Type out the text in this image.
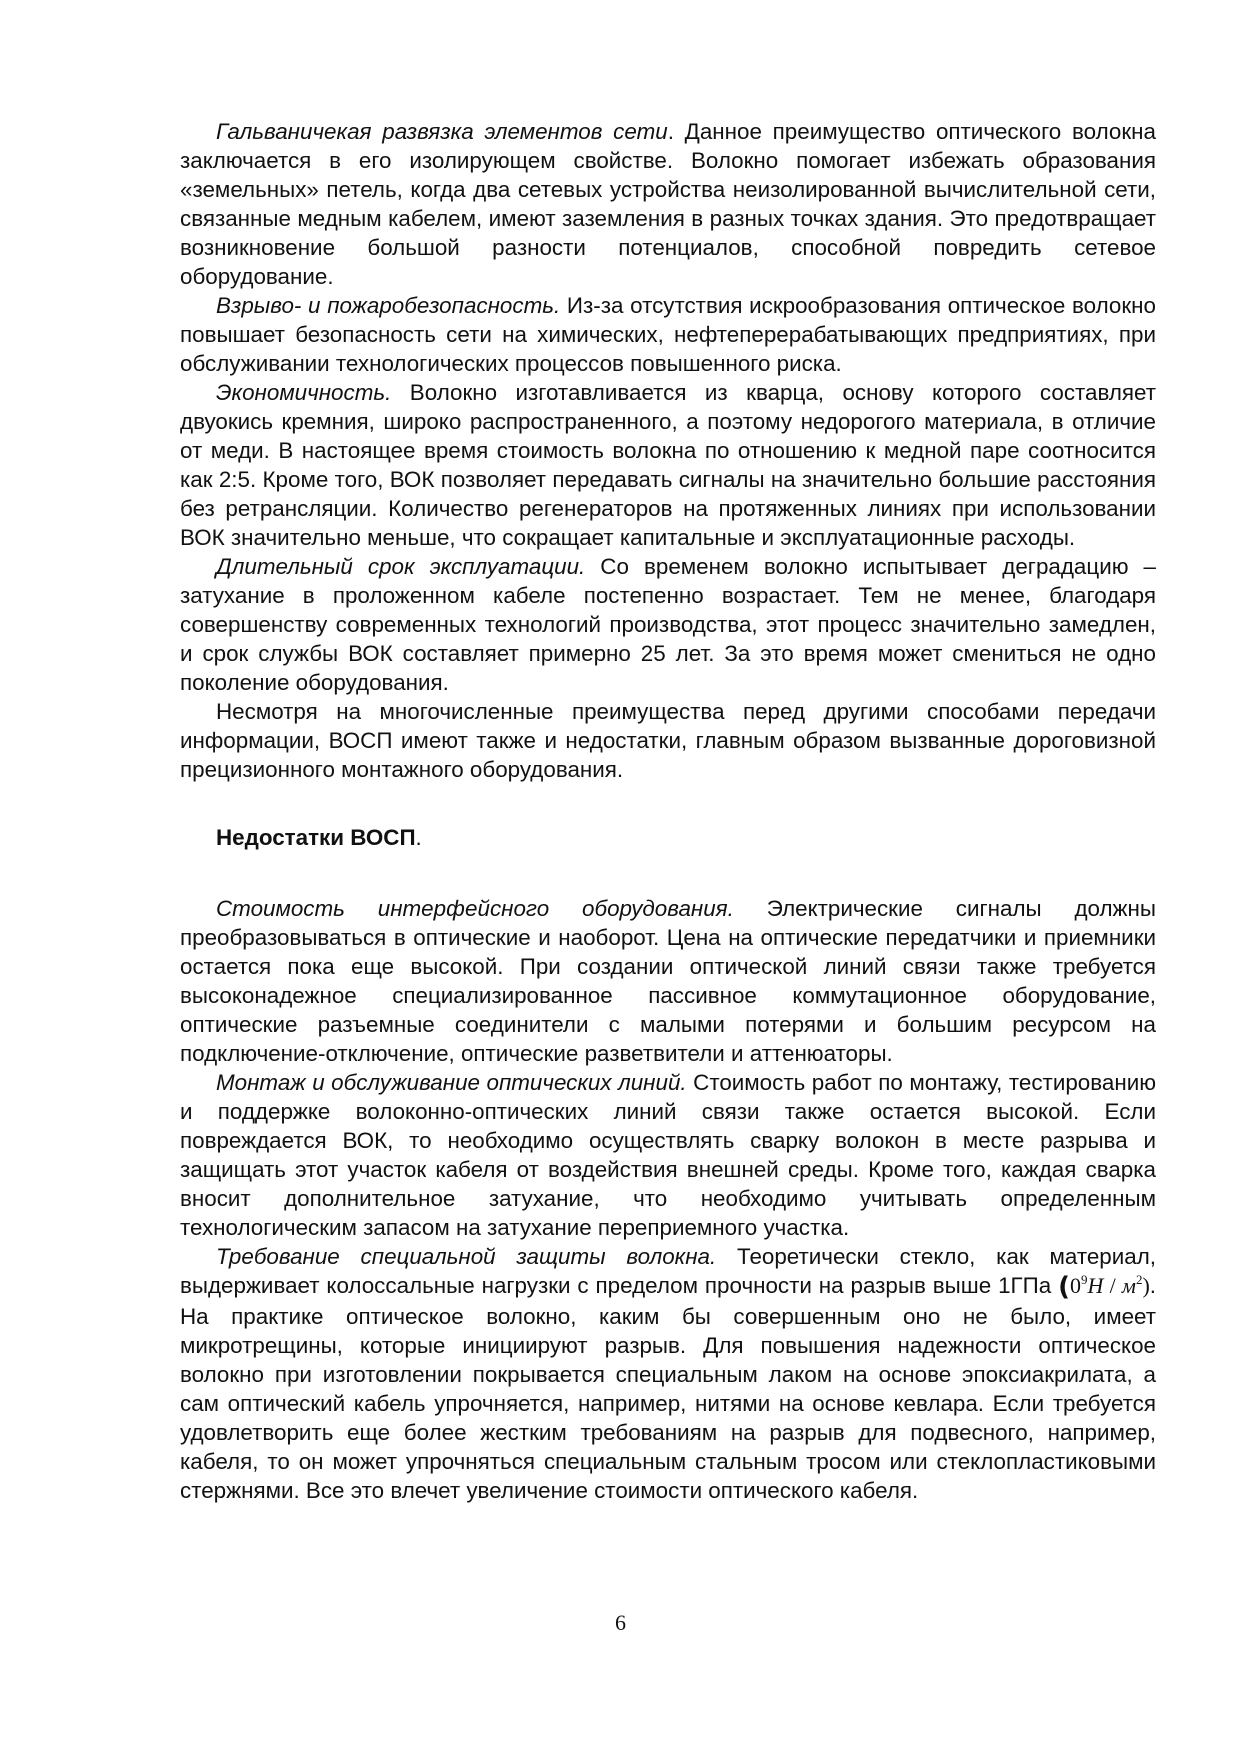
Гальваничекая развязка элементов сети. Данное преимущество оптического волокна заключается в его изолирующем свойстве. Волокно помогает избежать образования «земельных» петель, когда два сетевых устройства неизолированной вычислительной сети, связанные медным кабелем, имеют заземления в разных точках здания. Это предотвращает возникновение большой разности потенциалов, способной повредить сетевое оборудование.

Взрыво- и пожаробезопасность. Из-за отсутствия искрообразования оптическое волокно повышает безопасность сети на химических, нефтеперерабатывающих предприятиях, при обслуживании технологических процессов повышенного риска.

Экономичность. Волокно изготавливается из кварца, основу которого составляет двуокись кремния, широко распространенного, а поэтому недорогого материала, в отличие от меди. В настоящее время стоимость волокна по отношению к медной паре соотносится как 2:5. Кроме того, ВОК позволяет передавать сигналы на значительно большие расстояния без ретрансляции. Количество регенераторов на протяженных линиях при использовании ВОК значительно меньше, что сокращает капитальные и эксплуатационные расходы.

Длительный срок эксплуатации. Со временем волокно испытывает деградацию – затухание в проложенном кабеле постепенно возрастает. Тем не менее, благодаря совершенству современных технологий производства, этот процесс значительно замедлен, и срок службы ВОК составляет примерно 25 лет. За это время может смениться не одно поколение оборудования.

Несмотря на многочисленные преимущества перед другими способами передачи информации, ВОСП имеют также и недостатки, главным образом вызванные дороговизной прецизионного монтажного оборудования.

Недостатки ВОСП.

Стоимость интерфейсного оборудования. Электрические сигналы должны преобразовываться в оптические и наоборот. Цена на оптические передатчики и приемники остается пока еще высокой. При создании оптической линий связи также требуется высоконадежное специализированное пассивное коммутационное оборудование, оптические разъемные соединители с малыми потерями и большим ресурсом на подключение-отключение, оптические разветвители и аттенюаторы.

Монтаж и обслуживание оптических линий. Стоимость работ по монтажу, тестированию и поддержке волоконно-оптических линий связи также остается высокой. Если повреждается ВОК, то необходимо осуществлять сварку волокон в месте разрыва и защищать этот участок кабеля от воздействия внешней среды. Кроме того, каждая сварка вносит дополнительное затухание, что необходимо учитывать определенным технологическим запасом на затухание переприемного участка.

Требование специальной защиты волокна. Теоретически стекло, как материал, выдерживает колоссальные нагрузки с пределом прочности на разрыв выше 1ГПа $(0^9Н / м^2)$. На практике оптическое волокно, каким бы совершенным оно не было, имеет микротрещины, которые инициируют разрыв. Для повышения надежности оптическое волокно при изготовлении покрывается специальным лаком на основе эпоксиакрилата, а сам оптический кабель упрочняется, например, нитями на основе кевлара. Если требуется удовлетворить еще более жестким требованиям на разрыв для подвесного, например, кабеля, то он может упрочняться специальным стальным тросом или стеклопластиковыми стержнями. Все это влечет увеличение стоимости оптического кабеля.

6
